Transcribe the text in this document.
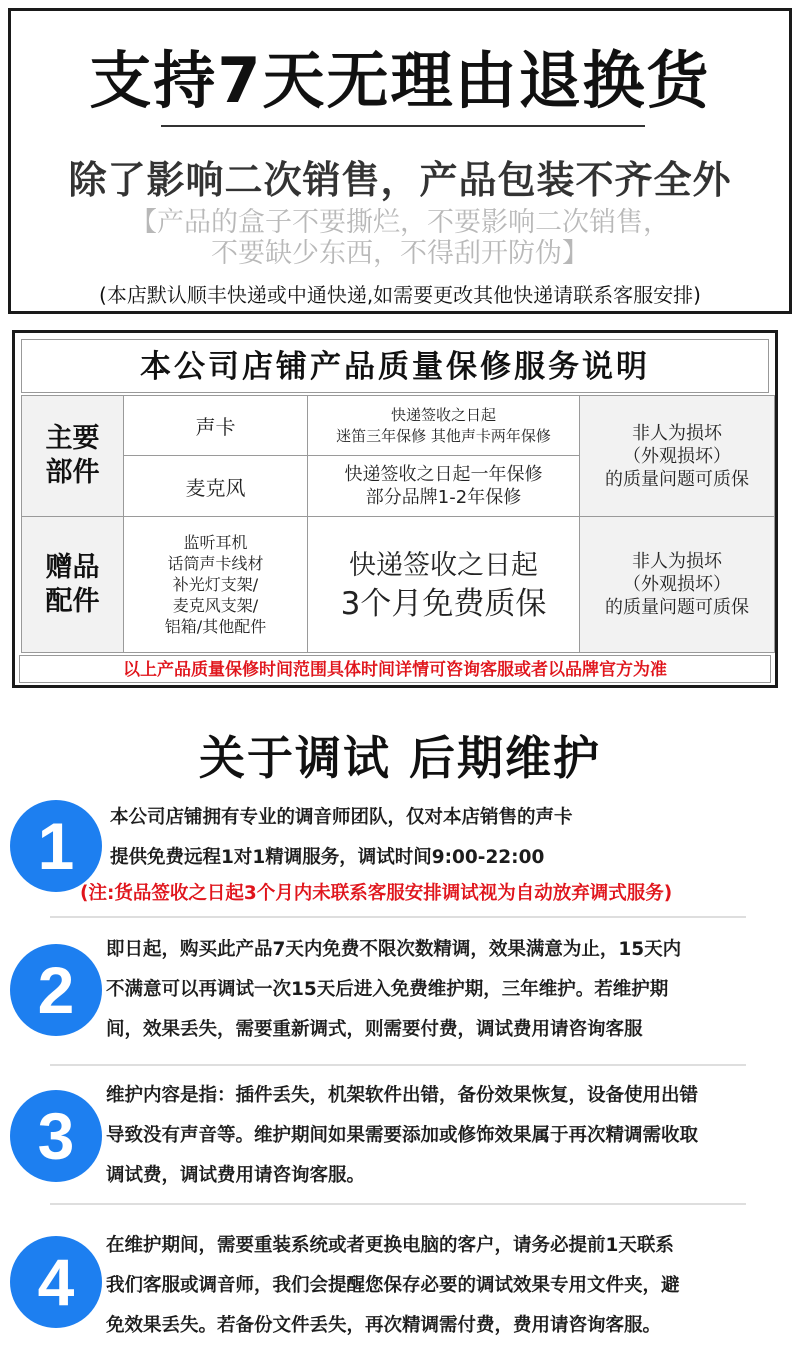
支持7天无理由退换货
除了影响二次销售，产品包装不齐全外
【产品的盒子不要撕烂，不要影响二次销售，
不要缺少东西，不得刮开防伪】
(本店默认顺丰快递或中通快递,如需要更改其他快递请联系客服安排)
本公司店铺产品质量保修服务说明
主要部件
声卡
快递签收之日起
迷笛三年保修 其他声卡两年保修
麦克风
快递签收之日起一年保修
部分品牌1-2年保修
非人为损坏
（外观损坏）
的质量问题可质保
赠品配件
监听耳机
话筒声卡线材
补光灯支架/
麦克风支架/
铝箱/其他配件
快递签收之日起
3个月免费质保
非人为损坏
（外观损坏）
的质量问题可质保
以上产品质量保修时间范围具体时间详情可咨询客服或者以品牌官方为准
关于调试 后期维护
1	本公司店铺拥有专业的调音师团队，仅对本店销售的声卡
提供免费远程1对1精调服务，调试时间9:00-22:00
(注:货品签收之日起3个月内未联系客服安排调试视为自动放弃调式服务)
2
即日起，购买此产品7天内免费不限次数精调，效果满意为止，15天内
不满意可以再调试一次15天后进入免费维护期，三年维护。若维护期
间，效果丢失，需要重新调式，则需要付费，调试费用请咨询客服
3
维护内容是指：插件丢失，机架软件出错，备份效果恢复，设备使用出错
导致没有声音等。维护期间如果需要添加或修饰效果属于再次精调需收取
调试费，调试费用请咨询客服。
4	在维护期间，需要重装系统或者更换电脑的客户，请务必提前1天联系
我们客服或调音师，我们会提醒您保存必要的调试效果专用文件夹，避
免效果丢失。若备份文件丢失，再次精调需付费，费用请咨询客服。
